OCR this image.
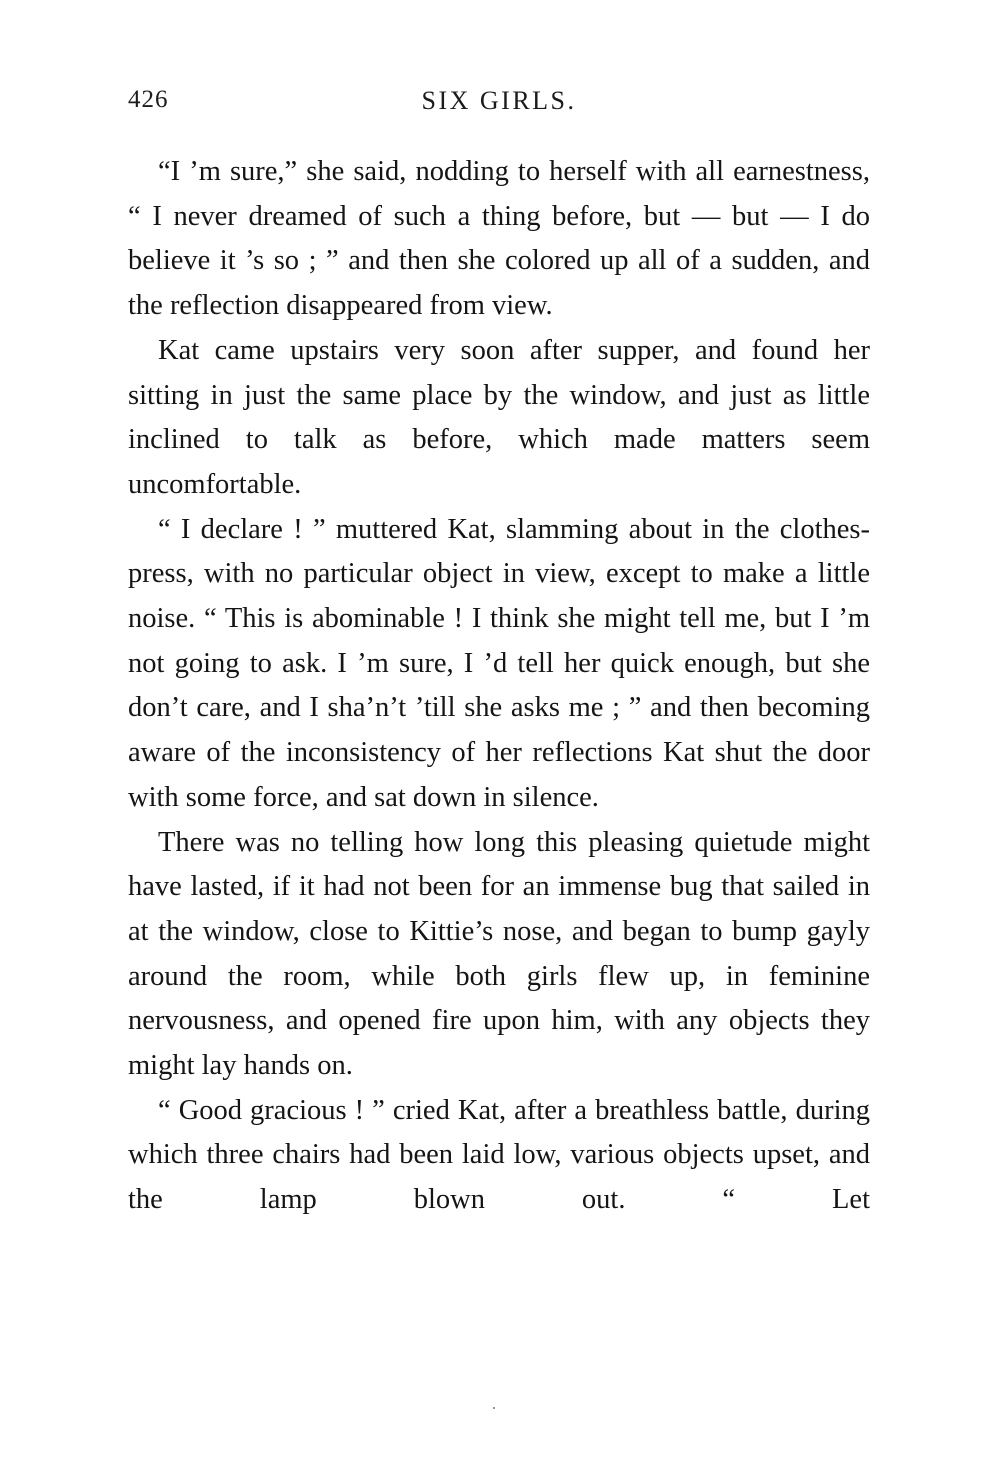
426	SIX GIRLS.

“I ’m sure,” she said, nodding to herself with all earnestness, “ I never dreamed of such a thing before, but — but — I do believe it ’s so ; ” and then she colored up all of a sudden, and the reflection disappeared from view.

Kat came upstairs very soon after supper, and found her sitting in just the same place by the window, and just as little inclined to talk as before, which made matters seem uncomfortable.

“ I declare ! ” muttered Kat, slamming about in the clothes-press, with no particular object in view, except to make a little noise. “ This is abominable ! I think she might tell me, but I ’m not going to ask. I ’m sure, I ’d tell her quick enough, but she don’t care, and I sha’n’t ’till she asks me ; ” and then becoming aware of the inconsistency of her reflections Kat shut the door with some force, and sat down in silence.

There was no telling how long this pleasing quietude might have lasted, if it had not been for an immense bug that sailed in at the window, close to Kittie’s nose, and began to bump gayly around the room, while both girls flew up, in feminine nervousness, and opened fire upon him, with any objects they might lay hands on.

“ Good gracious ! ” cried Kat, after a breathless battle, during which three chairs had been laid low, various objects upset, and the lamp blown out. “ Let
